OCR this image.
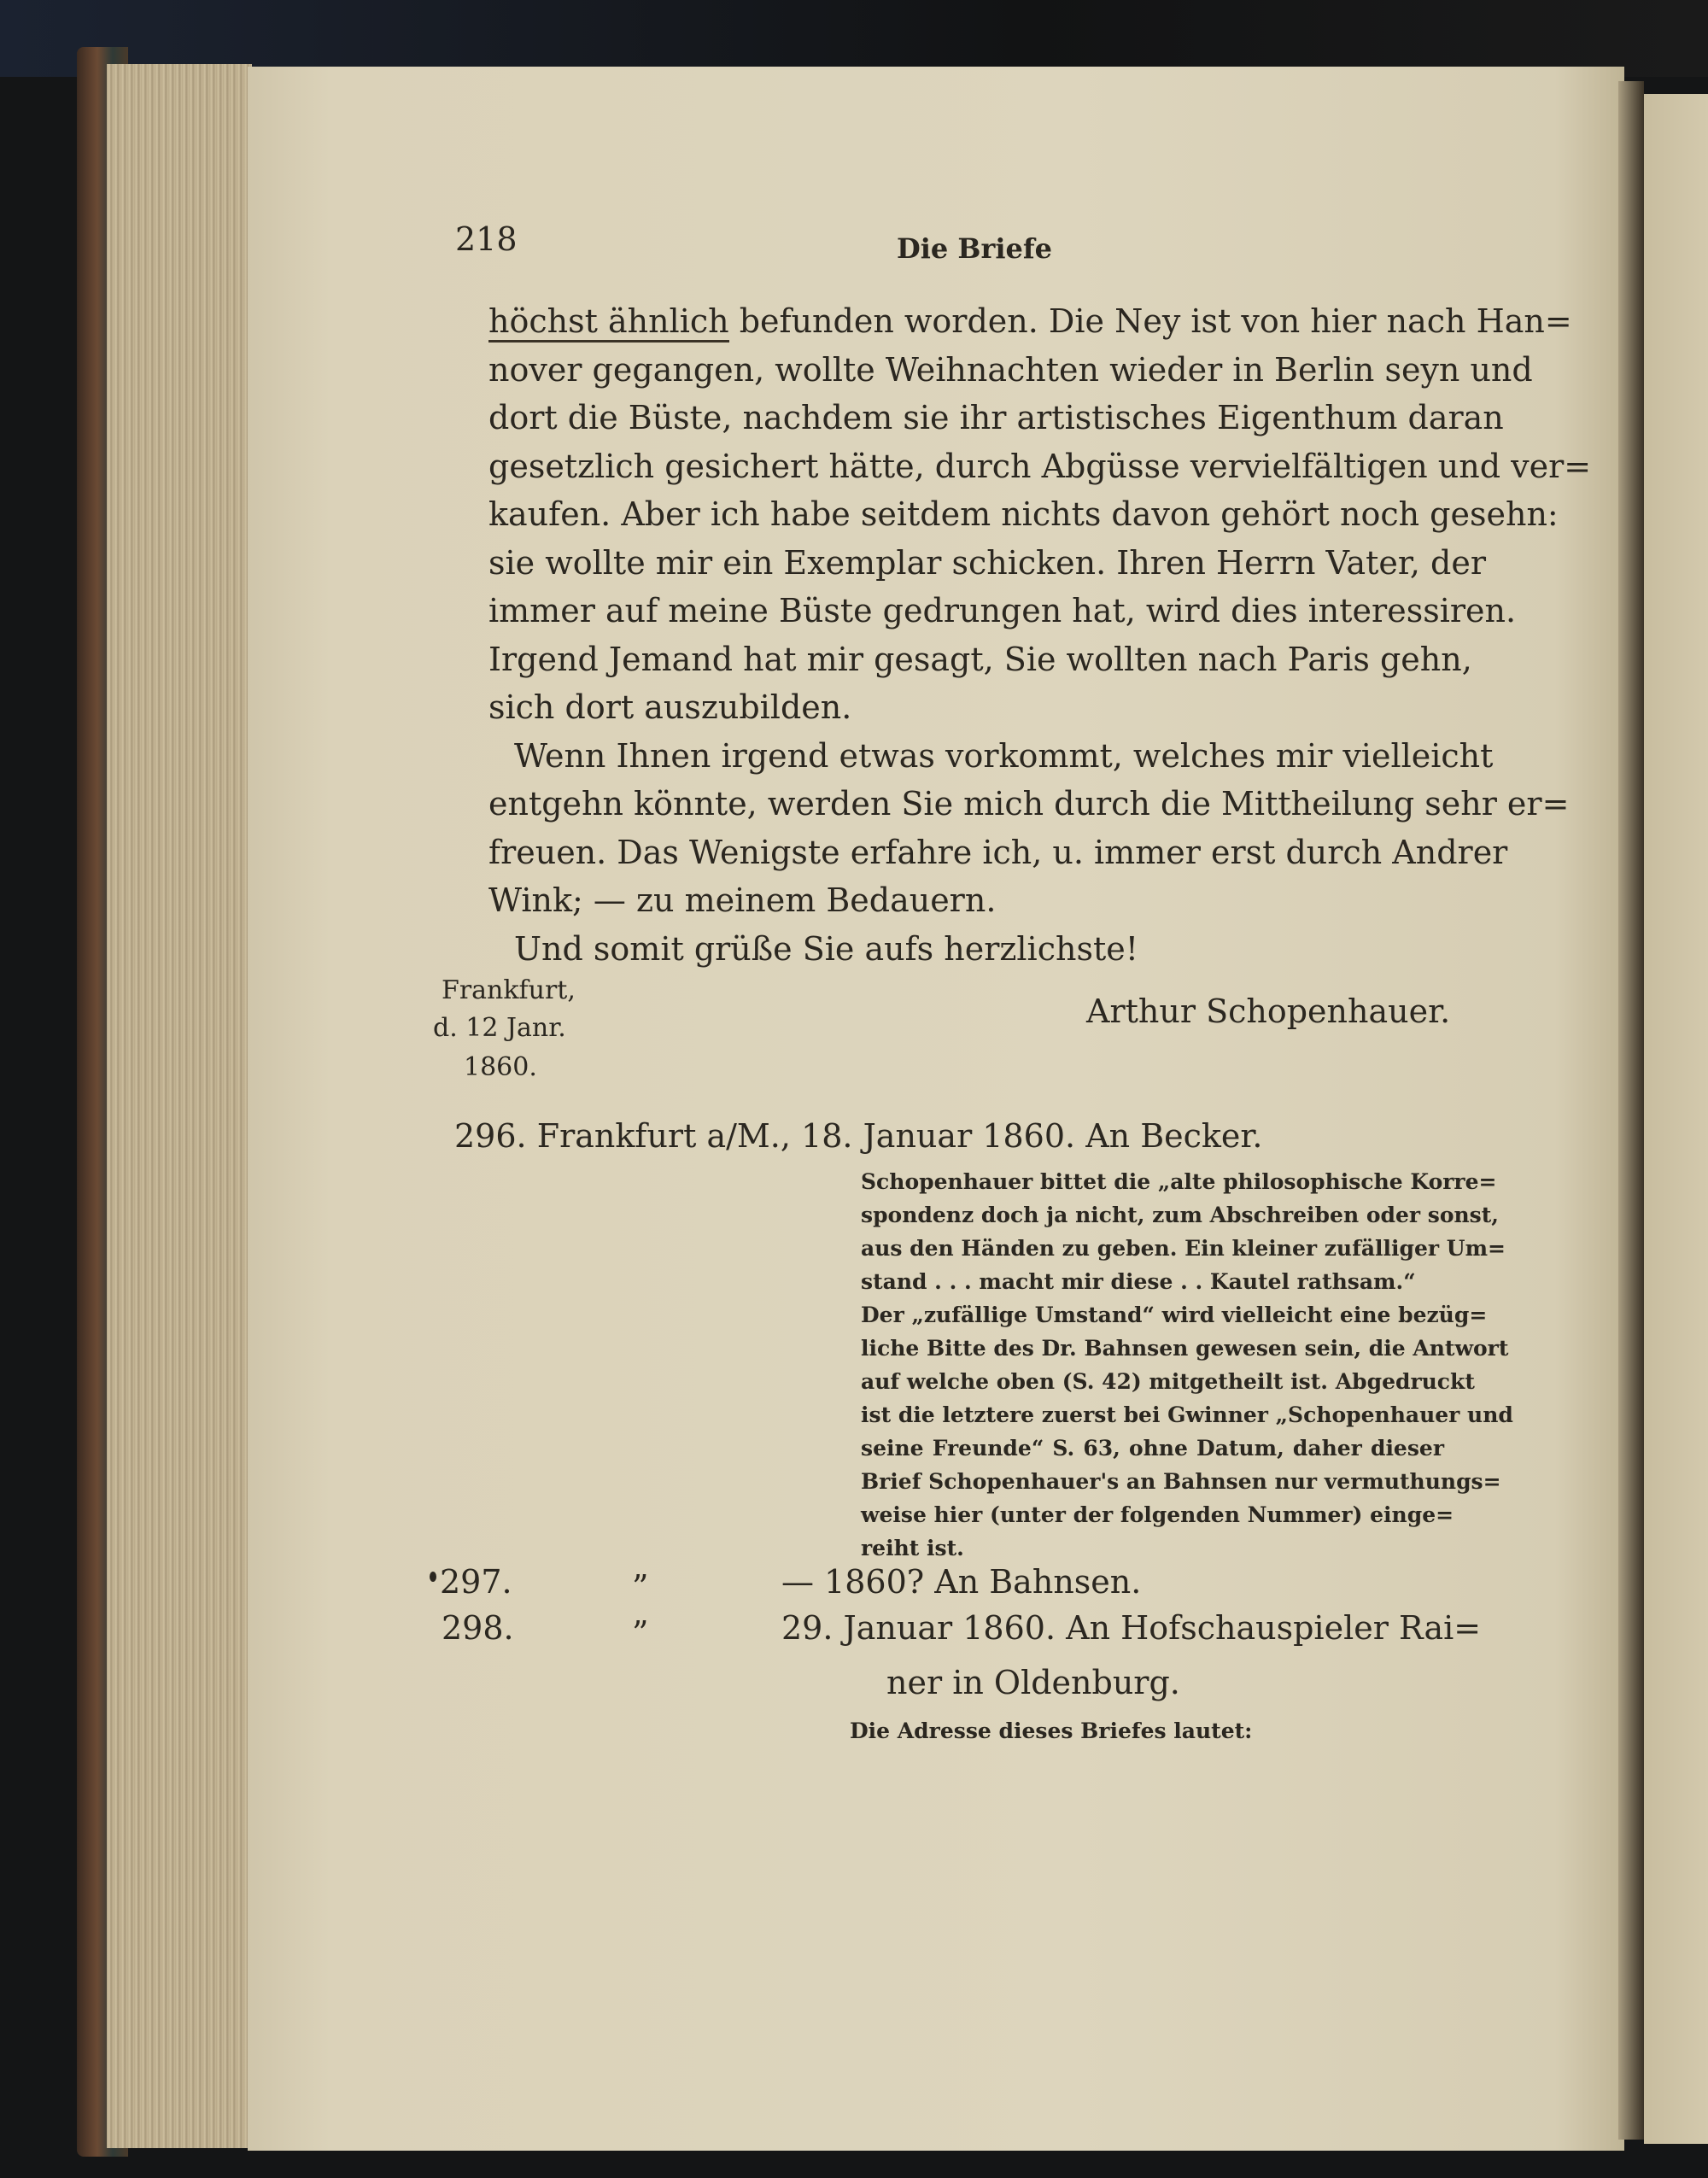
218	Die Briefe
höchst ähnlich befunden worden. Die Ney ist von hier nach Han=
nover gegangen, wollte Weihnachten wieder in Berlin seyn und
dort die Büste, nachdem sie ihr artistisches Eigenthum daran
gesetzlich gesichert hätte, durch Abgüsse vervielfältigen und ver=
kaufen. Aber ich habe seitdem nichts davon gehört noch gesehn:
sie wollte mir ein Exemplar schicken. Ihren Herrn Vater, der
immer auf meine Büste gedrungen hat, wird dies interessiren.
Irgend Jemand hat mir gesagt, Sie wollten nach Paris gehn,
sich dort auszubilden.
Wenn Ihnen irgend etwas vorkommt, welches mir vielleicht
entgehn könnte, werden Sie mich durch die Mittheilung sehr er=
freuen. Das Wenigste erfahre ich, u. immer erst durch Andrer
Wink; — zu meinem Bedauern.
Und somit grüße Sie aufs herzlichste!
Frankfurt,
d. 12 Janr.
1860.
Arthur Schopenhauer.
296. Frankfurt a/M., 18. Januar 1860. An Becker.
Schopenhauer bittet die „alte philosophische Korre=
spondenz doch ja nicht, zum Abschreiben oder sonst,
aus den Händen zu geben. Ein kleiner zufälliger Um=
stand . . . macht mir diese . . Kautel rathsam.“
Der „zufällige Umstand“ wird vielleicht eine bezüg=
liche Bitte des Dr. Bahnsen gewesen sein, die Antwort
auf welche oben (S. 42) mitgetheilt ist. Abgedruckt
ist die letztere zuerst bei Gwinner „Schopenhauer und
seine Freunde“ S. 63, ohne Datum, daher dieser
Brief Schopenhauer's an Bahnsen nur vermuthungs=
weise hier (unter der folgenden Nummer) einge=
reiht ist.
297.	”	— 1860? An Bahnsen.
298.	”	29. Januar 1860. An Hofschauspieler Rai=
ner in Oldenburg.
Die Adresse dieses Briefes lautet:
